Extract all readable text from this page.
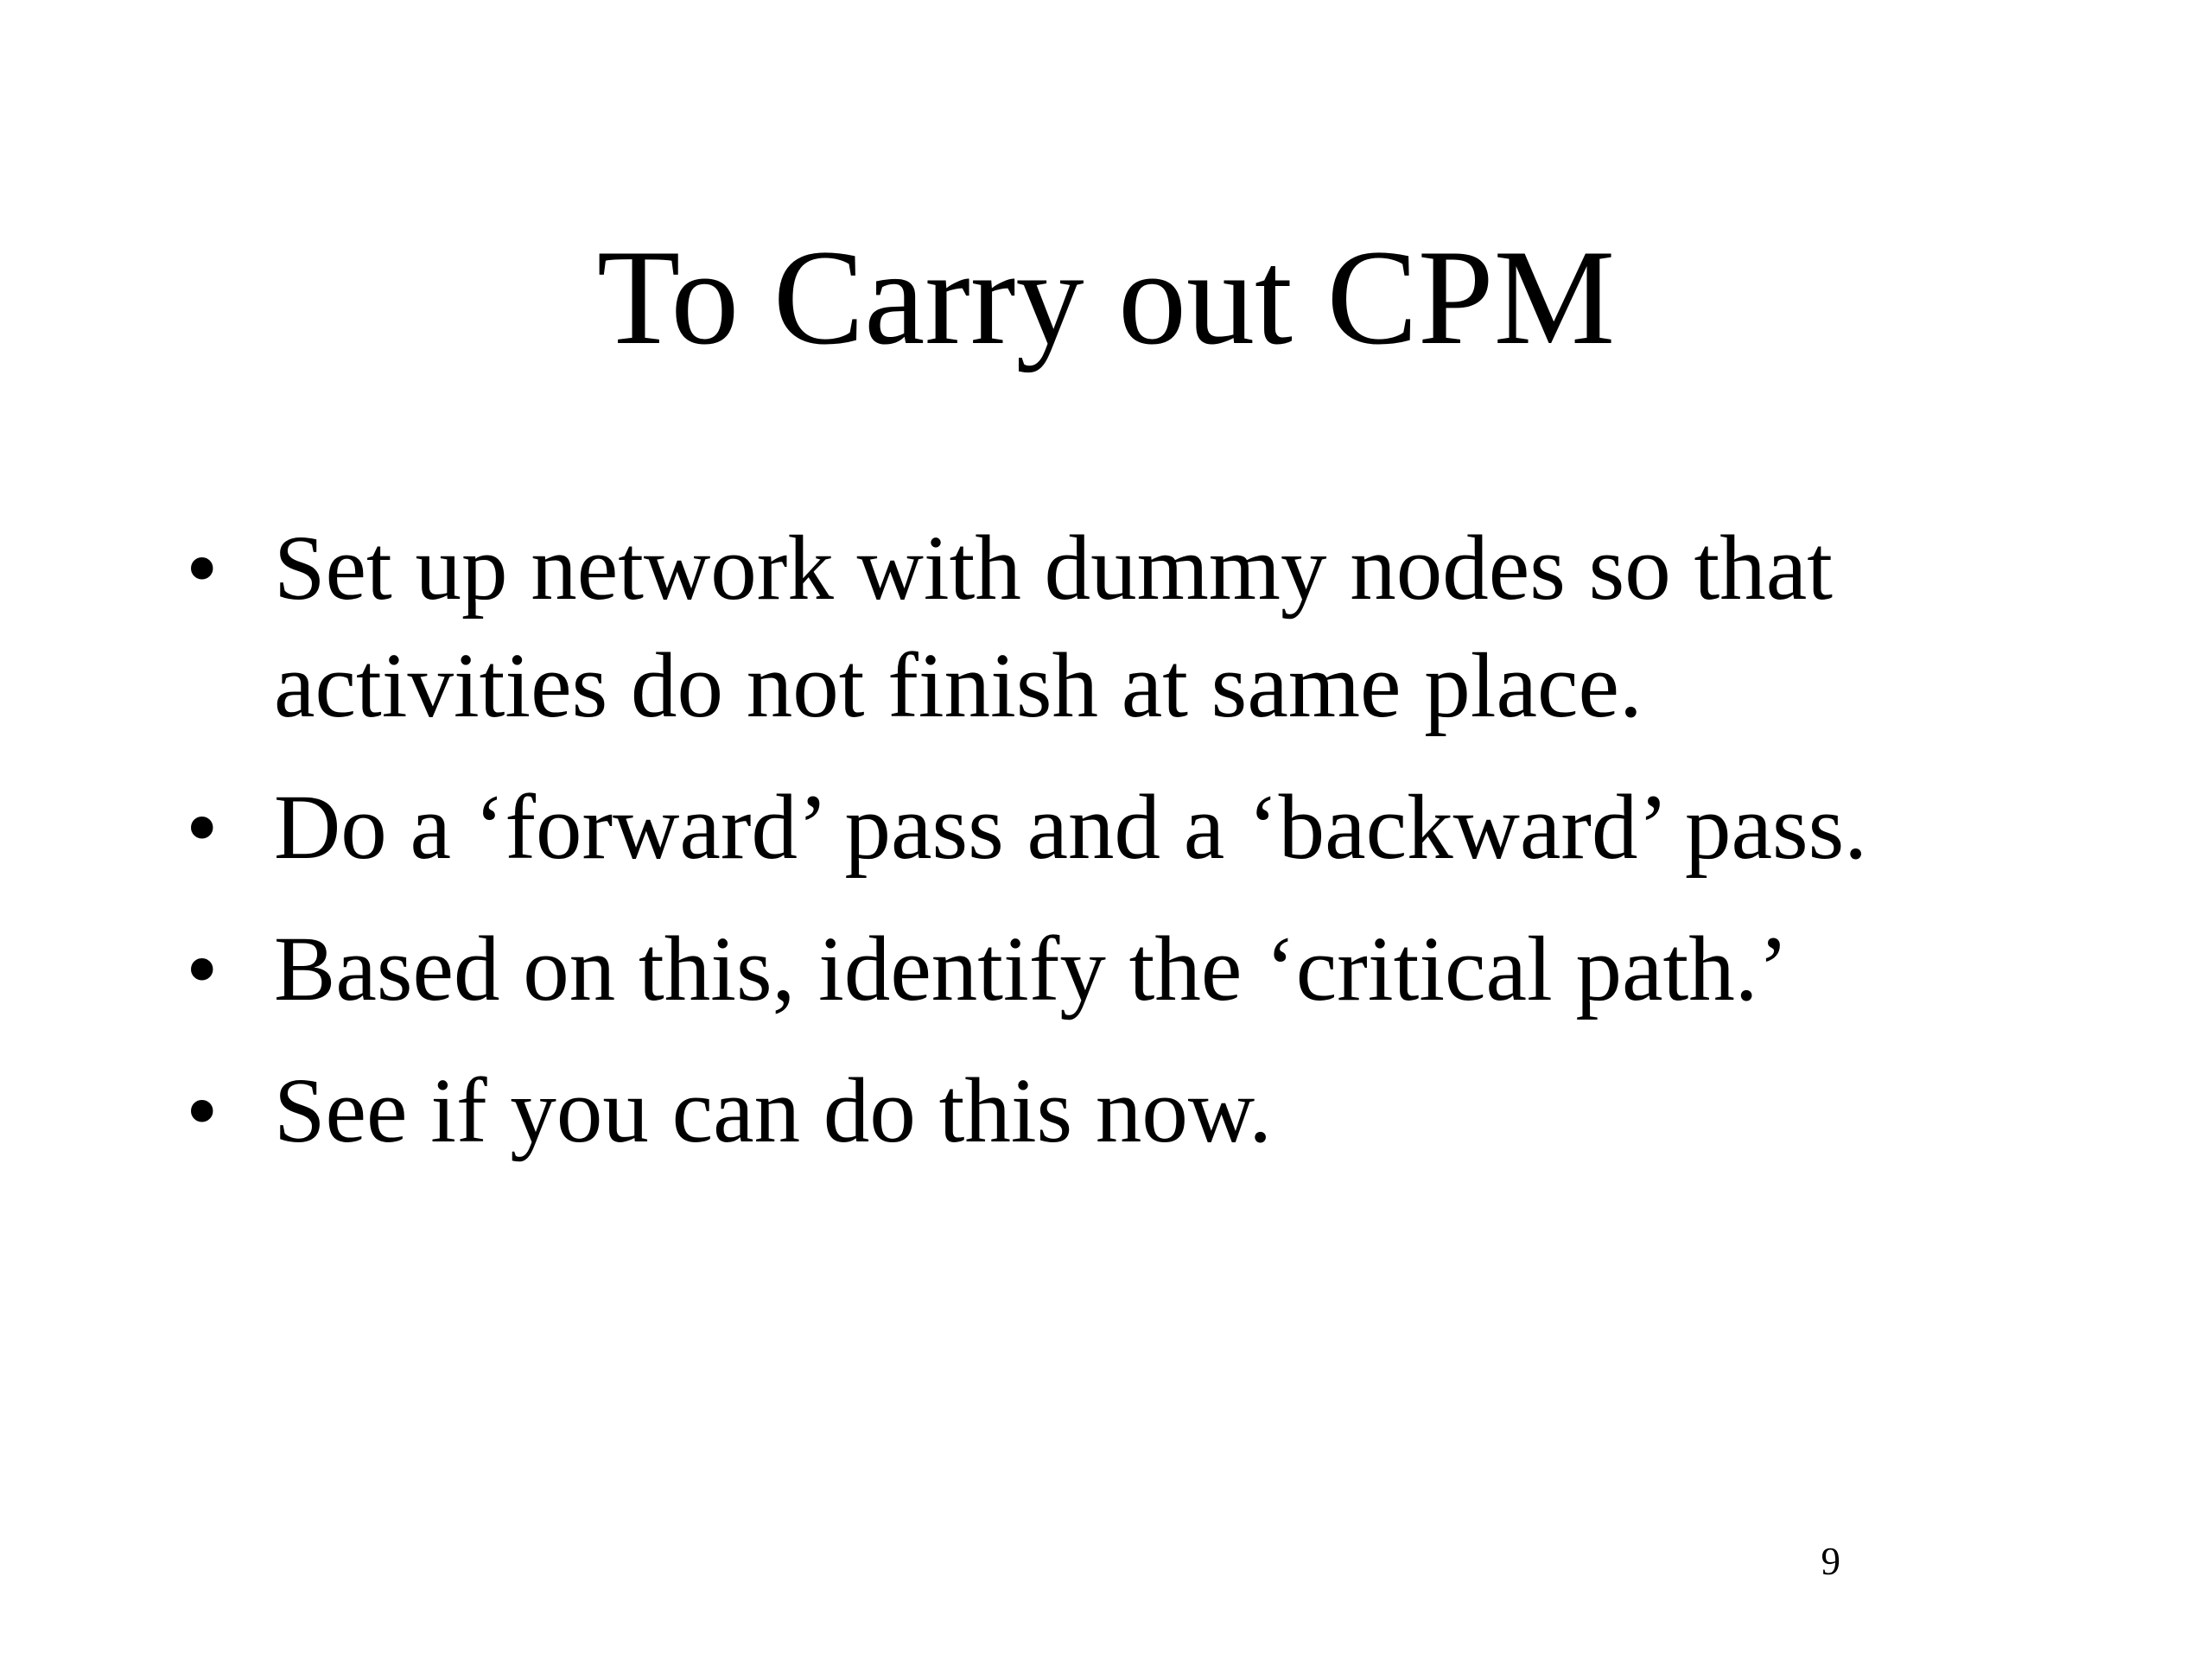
To Carry out CPM
• Set up network with dummy nodes so that activities do not finish at same place.
• Do a ‘forward’ pass and a ‘backward’ pass.
• Based on this, identify the ‘critical path.’
• See if you can do this now.
9
